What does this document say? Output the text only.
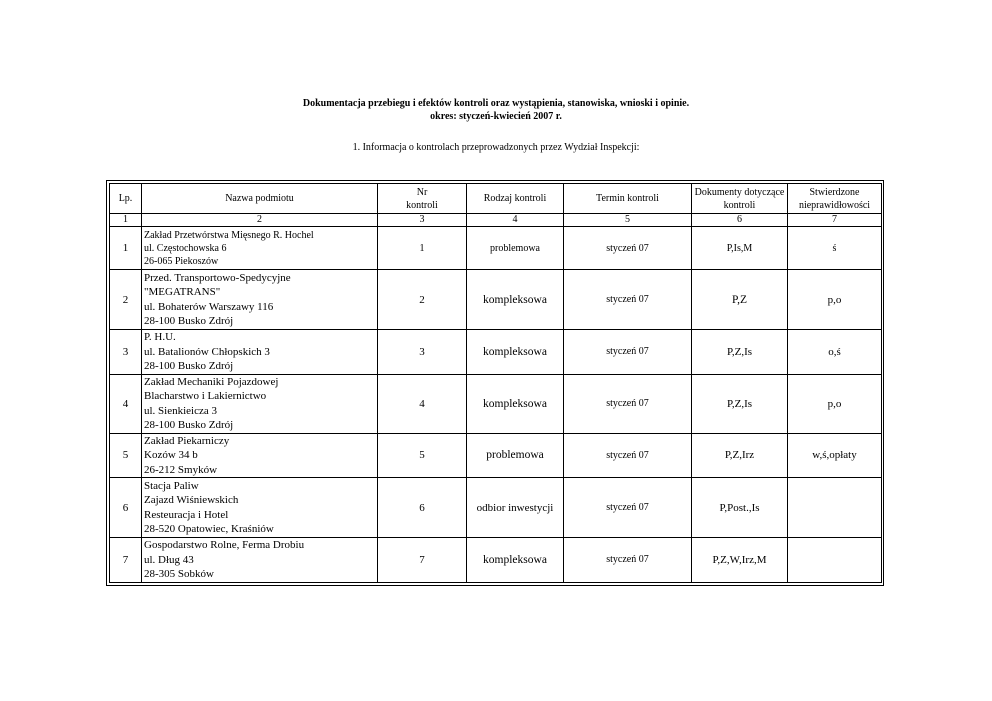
Dokumentacja przebiegu i efektów kontroli oraz wystąpienia, stanowiska, wnioski i opinie.
okres: styczeń-kwiecień 2007 r.
1. Informacja o kontrolach przeprowadzonych przez Wydział Inspekcji:
Lp.	Nazwa podmiotu	Nr kontroli	Rodzaj kontroli	Termin kontroli	Dokumenty dotyczące kontroli	Stwierdzone nieprawidłowości
1	2	3	4	5	6	7
1	Zakład Przetwórstwa Mięsnego R. Hochel
ul. Częstochowska 6
26-065 Piekoszów	1	problemowa	styczeń 07	P,Is,M	ś
2	Przed. Transportowo-Spedycyjne
"MEGATRANS"
ul. Bohaterów Warszawy 116
28-100 Busko Zdrój	2	kompleksowa	styczeń 07	P,Z	p,o
3	P. H.U.
ul. Batalionów Chłopskich 3
28-100 Busko Zdrój	3	kompleksowa	styczeń 07	P,Z,Is	o,ś
4	Zakład Mechaniki Pojazdowej
Blacharstwo i Lakiernictwo
ul. Sienkieicza 3
28-100 Busko Zdrój	4	kompleksowa	styczeń 07	P,Z,Is	p,o
5	Zakład Piekarniczy
Kozów 34 b
26-212 Smyków	5	problemowa	styczeń 07	P,Z,Irz	w,ś,opłaty
6	Stacja Paliw
Zajazd Wiśniewskich
Resteuracja i Hotel
28-520 Opatowiec, Kraśniów	6	odbior inwestycji	styczeń 07	P,Post.,Is	
7	Gospodarstwo Rolne, Ferma Drobiu
ul. Dług 43
28-305 Sobków	7	kompleksowa	styczeń 07	P,Z,W,Irz,M	
